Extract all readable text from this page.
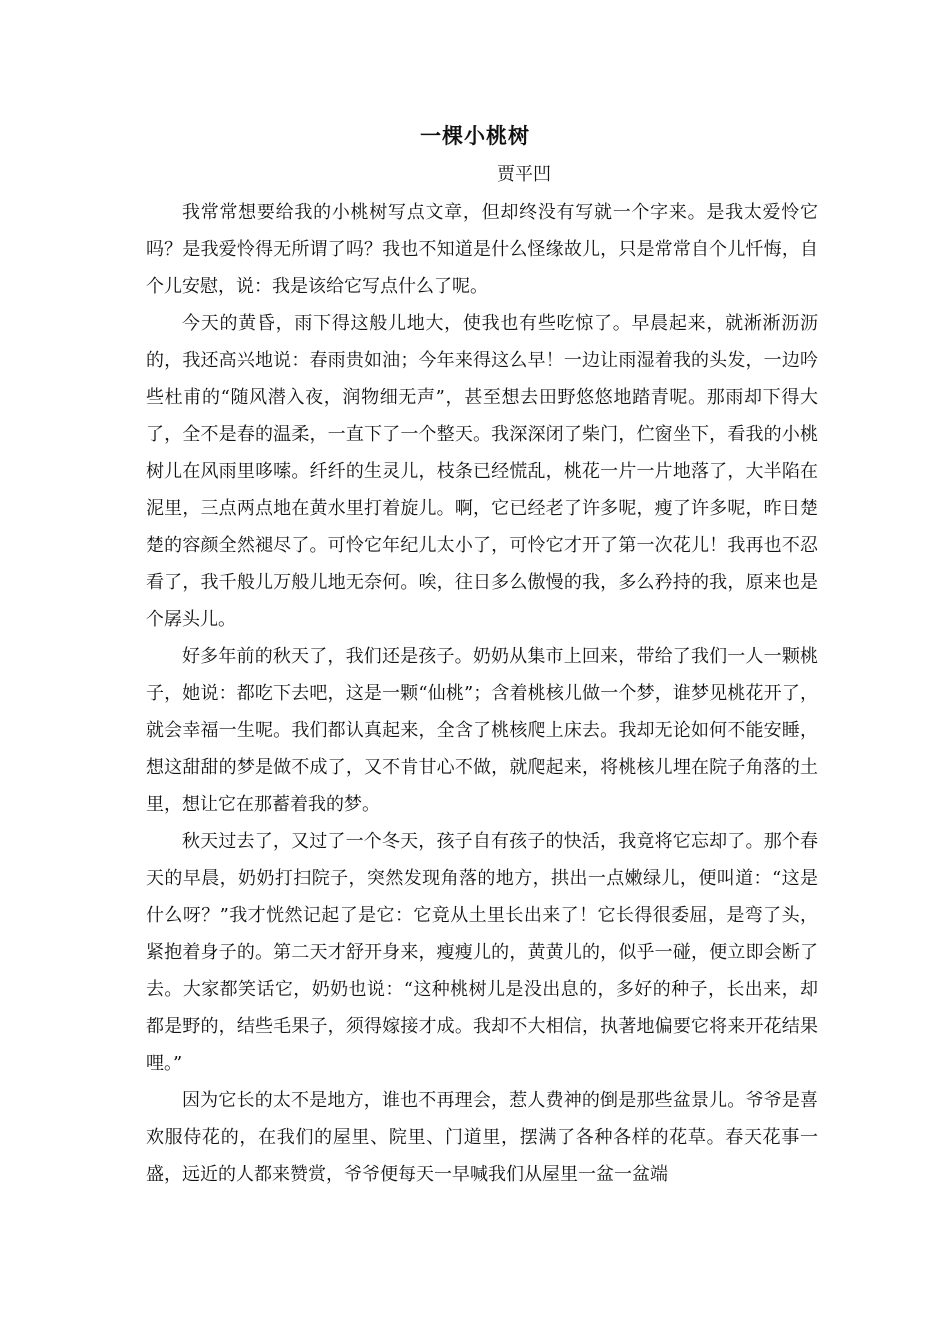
一棵小桃树
贾平凹

我常常想要给我的小桃树写点文章，但却终没有写就一个字来。是我太爱怜它吗？是我爱怜得无所谓了吗？我也不知道是什么怪缘故儿，只是常常自个儿忏悔，自个儿安慰，说：我是该给它写点什么了呢。

今天的黄昏，雨下得这般儿地大，使我也有些吃惊了。早晨起来，就淅淅沥沥的，我还高兴地说：春雨贵如油；今年来得这么早！一边让雨湿着我的头发，一边吟些杜甫的“随风潜入夜，润物细无声”，甚至想去田野悠悠地踏青呢。那雨却下得大了，全不是春的温柔，一直下了一个整天。我深深闭了柴门，伫窗坐下，看我的小桃树儿在风雨里哆嗦。纤纤的生灵儿，枝条已经慌乱，桃花一片一片地落了，大半陷在泥里，三点两点地在黄水里打着旋儿。啊，它已经老了许多呢，瘦了许多呢，昨日楚楚的容颜全然褪尽了。可怜它年纪儿太小了，可怜它才开了第一次花儿！我再也不忍看了，我千般儿万般儿地无奈何。唉，往日多么傲慢的我，多么矜持的我，原来也是个孱头儿。

好多年前的秋天了，我们还是孩子。奶奶从集市上回来，带给了我们一人一颗桃子，她说：都吃下去吧，这是一颗“仙桃”；含着桃核儿做一个梦，谁梦见桃花开了，就会幸福一生呢。我们都认真起来，全含了桃核爬上床去。我却无论如何不能安睡，想这甜甜的梦是做不成了，又不肯甘心不做，就爬起来，将桃核儿埋在院子角落的土里，想让它在那蓄着我的梦。

秋天过去了，又过了一个冬天，孩子自有孩子的快活，我竟将它忘却了。那个春天的早晨，奶奶打扫院子，突然发现角落的地方，拱出一点嫩绿儿，便叫道：“这是什么呀？”我才恍然记起了是它：它竟从土里长出来了！它长得很委屈，是弯了头，紧抱着身子的。第二天才舒开身来，瘦瘦儿的，黄黄儿的，似乎一碰，便立即会断了去。大家都笑话它，奶奶也说：“这种桃树儿是没出息的，多好的种子，长出来，却都是野的，结些毛果子，须得嫁接才成。我却不大相信，执著地偏要它将来开花结果哩。”

因为它长的太不是地方，谁也不再理会，惹人费神的倒是那些盆景儿。爷爷是喜欢服侍花的，在我们的屋里、院里、门道里，摆满了各种各样的花草。春天花事一盛，远近的人都来赞赏，爷爷便每天一早喊我们从屋里一盆一盆端
